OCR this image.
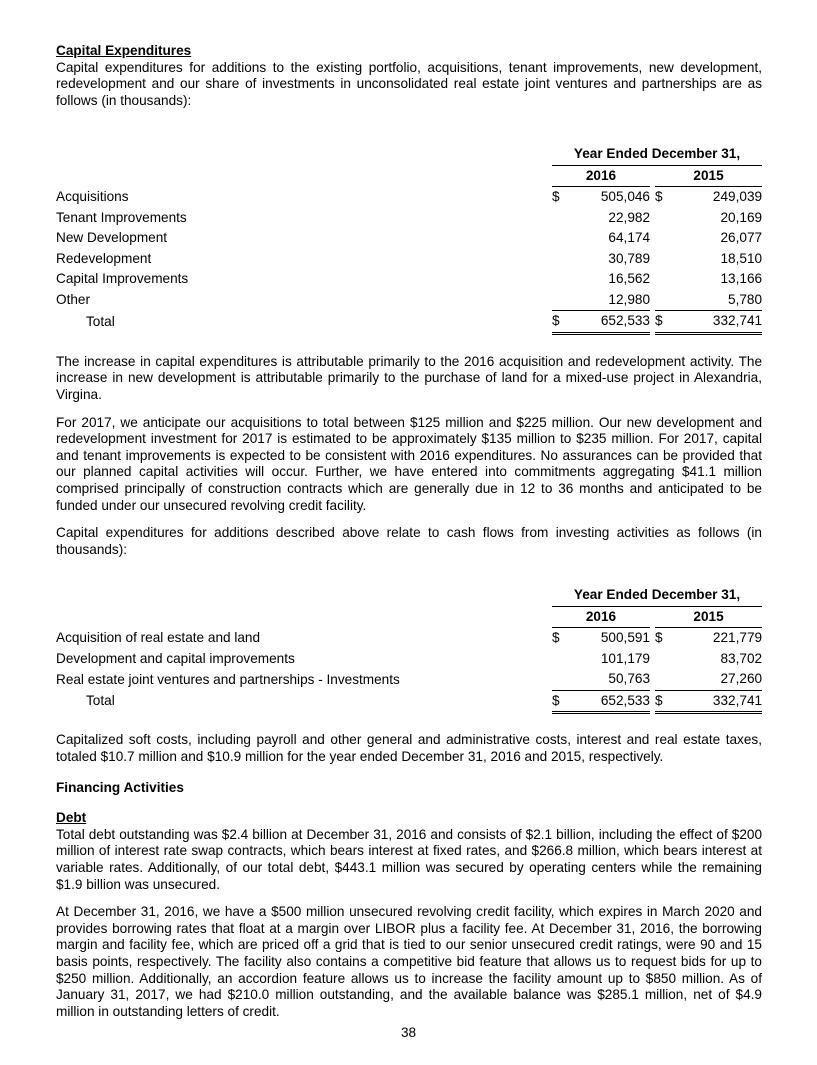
Capital Expenditures

Capital expenditures for additions to the existing portfolio, acquisitions, tenant improvements, new development, redevelopment and our share of investments in unconsolidated real estate joint ventures and partnerships are as follows (in thousands):

		Year Ended December 31,				
		2016			2015	
Acquisitions		$	505,046		$	249,039
Tenant Improvements			22,982			20,169
New Development			64,174			26,077
Redevelopment			30,789			18,510
Capital Improvements			16,562			13,166
Other			12,980			5,780
Total		$	652,533		$	332,741

The increase in capital expenditures is attributable primarily to the 2016 acquisition and redevelopment activity. The increase in new development is attributable primarily to the purchase of land for a mixed-use project in Alexandria, Virgina.

For 2017, we anticipate our acquisitions to total between $125 million and $225 million. Our new development and redevelopment investment for 2017 is estimated to be approximately $135 million to $235 million. For 2017, capital and tenant improvements is expected to be consistent with 2016 expenditures. No assurances can be provided that our planned capital activities will occur. Further, we have entered into commitments aggregating $41.1 million comprised principally of construction contracts which are generally due in 12 to 36 months and anticipated to be funded under our unsecured revolving credit facility.

Capital expenditures for additions described above relate to cash flows from investing activities as follows (in thousands):

		Year Ended December 31,				
		2016			2015	
Acquisition of real estate and land		$	500,591		$	221,779
Development and capital improvements			101,179			83,702
Real estate joint ventures and partnerships - Investments			50,763			27,260
Total		$	652,533		$	332,741

Capitalized soft costs, including payroll and other general and administrative costs, interest and real estate taxes, totaled $10.7 million and $10.9 million for the year ended December 31, 2016 and 2015, respectively.

Financing Activities
Debt

Total debt outstanding was $2.4 billion at December 31, 2016 and consists of $2.1 billion, including the effect of $200 million of interest rate swap contracts, which bears interest at fixed rates, and $266.8 million, which bears interest at variable rates. Additionally, of our total debt, $443.1 million was secured by operating centers while the remaining $1.9 billion was unsecured.

At December 31, 2016, we have a $500 million unsecured revolving credit facility, which expires in March 2020 and provides borrowing rates that float at a margin over LIBOR plus a facility fee. At December 31, 2016, the borrowing margin and facility fee, which are priced off a grid that is tied to our senior unsecured credit ratings, were 90 and 15 basis points, respectively. The facility also contains a competitive bid feature that allows us to request bids for up to $250 million. Additionally, an accordion feature allows us to increase the facility amount up to $850 million. As of January 31, 2017, we had $210.0 million outstanding, and the available balance was $285.1 million, net of $4.9 million in outstanding letters of credit.

38
